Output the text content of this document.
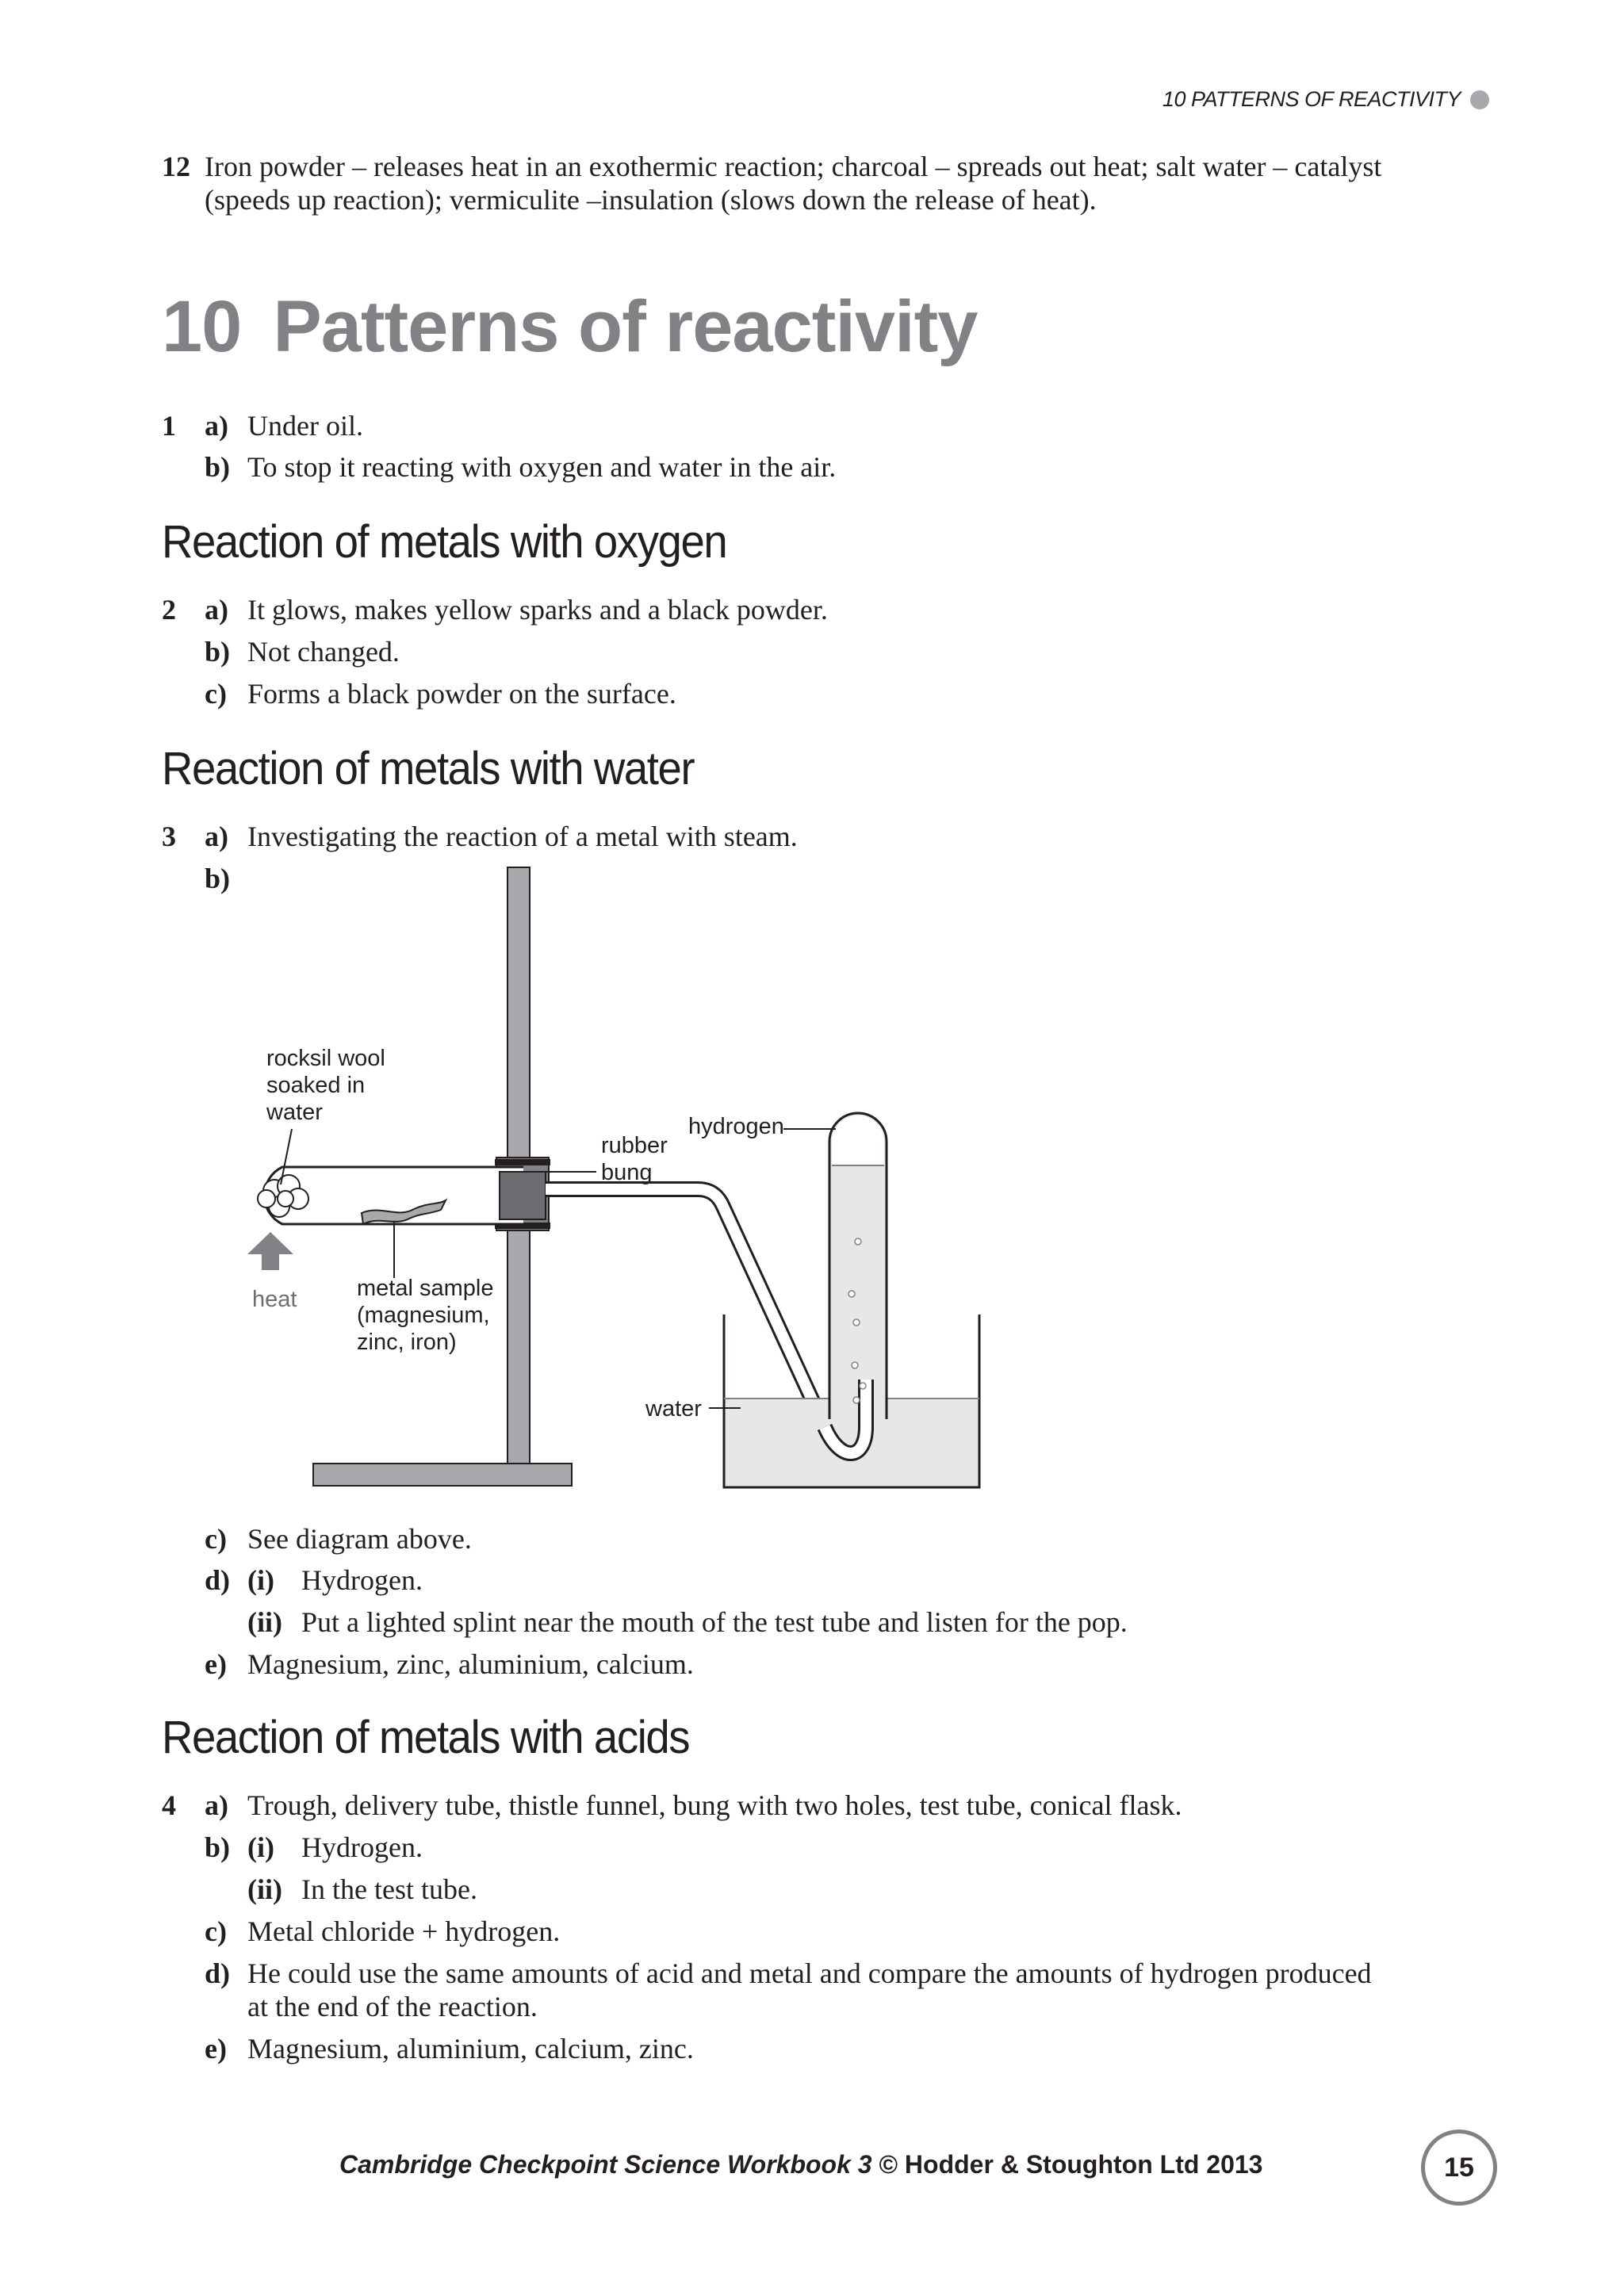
10 PATTERNS OF REACTIVITY
12 Iron powder – releases heat in an exothermic reaction; charcoal – spreads out heat; salt water – catalyst
(speeds up reaction); vermiculite –insulation (slows down the release of heat).
10 Patterns of reactivity
1 a) Under oil.
b) To stop it reacting with oxygen and water in the air.
Reaction of metals with oxygen
2 a) It glows, makes yellow sparks and a black powder.
b) Not changed.
c) Forms a black powder on the surface.
Reaction of metals with water
3 a) Investigating the reaction of a metal with steam.
b)
rocksil wool
soaked in
water
heat	metal sample
(magnesium,
zinc, iron)
rubber
bung
hydrogen
water
c) See diagram above.
d) (i) Hydrogen.
(ii) Put a lighted splint near the mouth of the test tube and listen for the pop.
e) Magnesium, zinc, aluminium, calcium.
Reaction of metals with acids
4 a) Trough, delivery tube, thistle funnel, bung with two holes, test tube, conical flask.
b) (i) Hydrogen.
(ii) In the test tube.
c) Metal chloride + hydrogen.
d) He could use the same amounts of acid and metal and compare the amounts of hydrogen produced
at the end of the reaction.
e) Magnesium, aluminium, calcium, zinc.
Cambridge Checkpoint Science Workbook 3 © Hodder & Stoughton Ltd 2013	15
